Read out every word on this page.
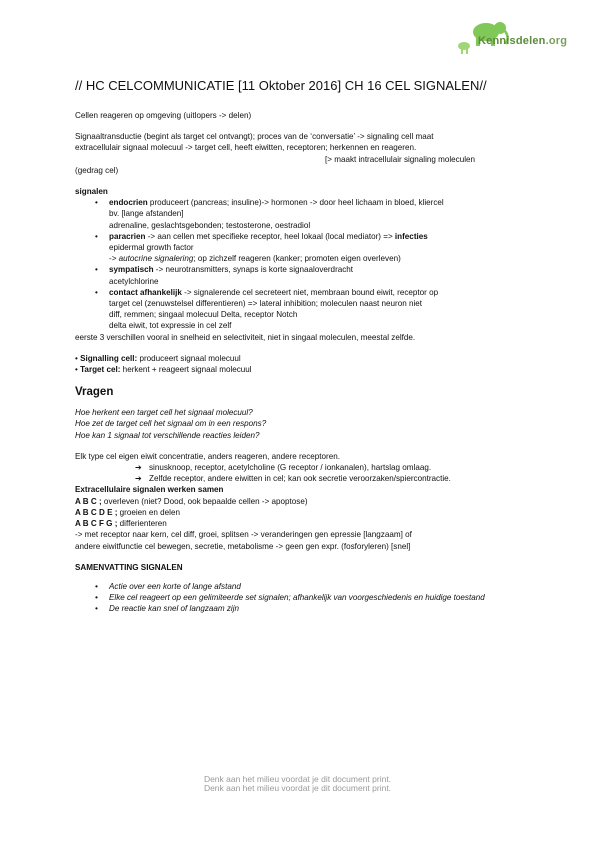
Kennisdelen.org
// HC CELCOMMUNICATIE [11 Oktober 2016] CH 16 CEL SIGNALEN//

Cellen reageren op omgeving (uitlopers -> delen)

Signaaltransductie (begint als target cel ontvangt); proces van de ‘conversatie’ -> signaling cell maat

extracellulair signaal molecuul -> target cell, heeft eiwitten, receptoren; herkennen en reageren.

[> maakt intracellulair signaling moleculen

(gedrag cel)

signalen

• endocrien produceert (pancreas; insuline)-> hormonen -> door heel lichaam in bloed, kliercel
bv. [lange afstanden]
adrenaline, geslachtsgebonden; testosterone, oestradiol
• paracrien -> aan cellen met specifieke receptor, heel lokaal (local mediator) => infecties
epidermal growth factor
-> autocrine signalering; op zichzelf reageren (kanker; promoten eigen overleven)
• sympatisch -> neurotransmitters, synaps is korte signaaloverdracht
acetylchlorine
• contact afhankelijk -> signalerende cel secreteert niet, membraan bound eiwit, receptor op
target cel (zenuwstelsel differentieren) => lateral inhibition; moleculen naast neuron niet
diff, remmen; singaal molecuul Delta, receptor Notch
delta eiwit, tot expressie in cel zelf

eerste 3 verschillen vooral in snelheid en selectiviteit, niet in singaal moleculen, meestal zelfde.

• Signalling cell: produceert signaal molecuul

• Target cel: herkent + reageert signaal molecuul

Vragen

Hoe herkent een target cell het signaal molecuul?

Hoe zet de target cell het signaal om in een respons?

Hoe kan 1 signaal tot verschillende reacties leiden?

Elk type cel eigen eiwit concentratie, anders reageren, andere receptoren.

➔ sinusknoop, receptor, acetylcholine (G receptor / ionkanalen), hartslag omlaag.
➔ Zelfde receptor, andere eiwitten in cel; kan ook secretie veroorzaken/spiercontractie.

Extracellulaire signalen werken samen

A B C ; overleven (niet? Dood, ook bepaalde cellen -> apoptose)

A B C D E ; groeien en delen

A B C F G ; differienteren

-> met receptor naar kern, cel diff, groei, splitsen -> veranderingen gen epressie [langzaam] of

andere eiwitfunctie cel bewegen, secretie, metabolisme -> geen gen expr. (fosforyleren) [snel]

SAMENVATTING SIGNALEN

• Actie over een korte of lange afstand
• Elke cel reageert op een gelimiteerde set signalen; afhankelijk van voorgeschiedenis en huidige toestand
• De reactie kan snel of langzaam zijn
Denk aan het milieu voordat je dit document print.
Denk aan het milieu voordat je dit document print.
